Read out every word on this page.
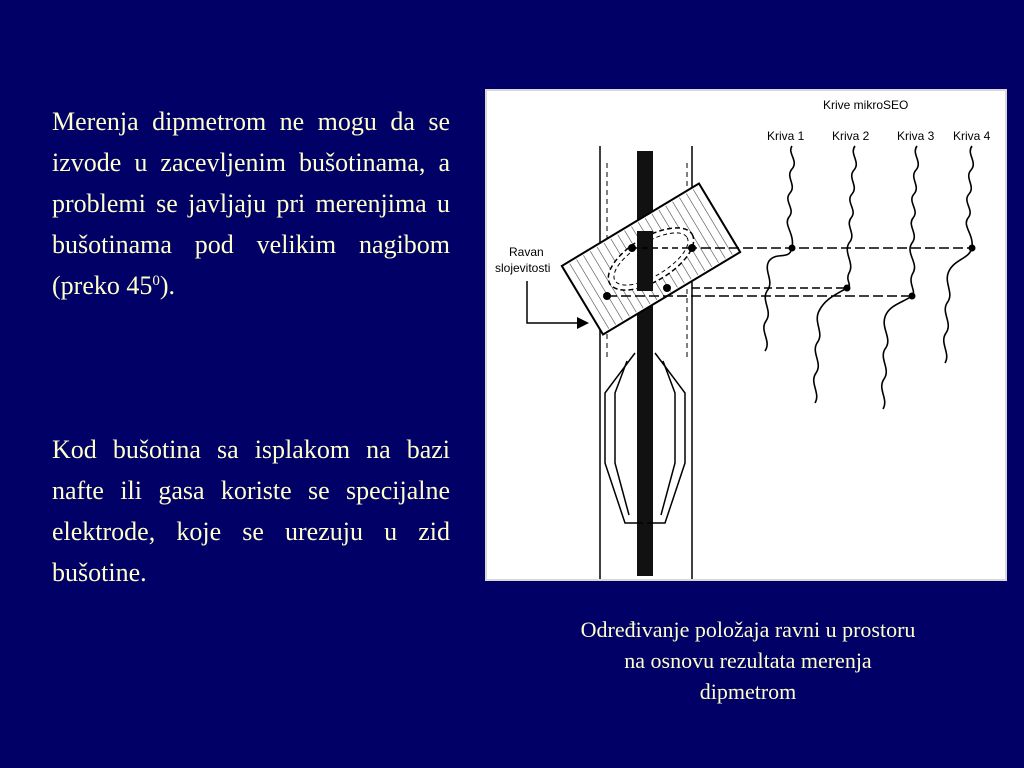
Merenja dipmetrom ne mogu da se izvode u zacevljenim bušotinama, a problemi se javljaju pri merenjima u bušotinama pod velikim nagibom (preko $45^0$).

Kod bušotina sa isplakom na bazi nafte ili gasa koriste se specijalne elektrode, koje se urezuju u zid bušotine.

Krive mikroSEO
Kriva 1 Kriva 2 Kriva 3 Kriva 4
Ravan
slojevitosti

Određivanje položaja ravni u prostoru
na osnovu rezultata merenja
dipmetrom
